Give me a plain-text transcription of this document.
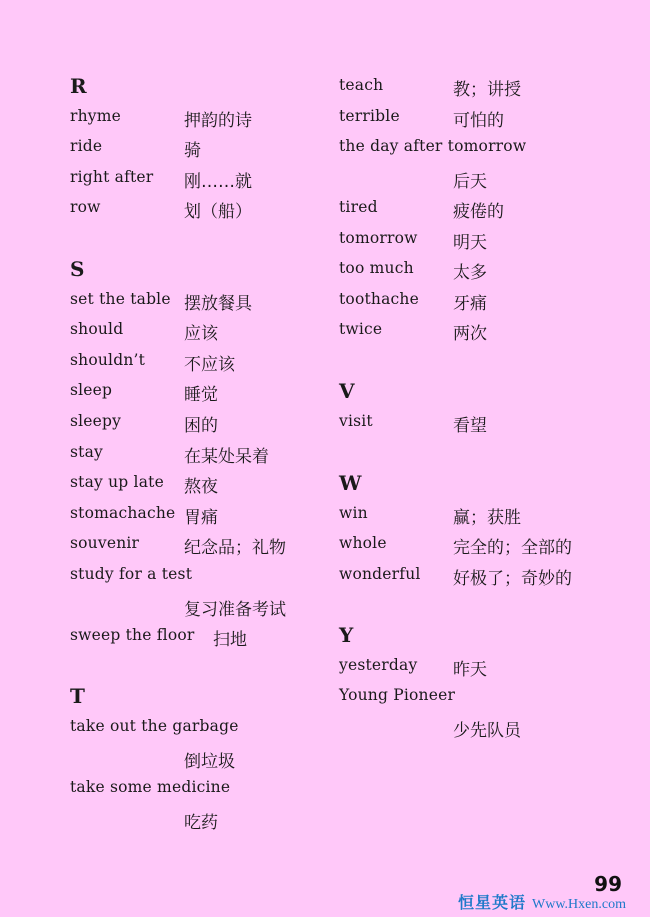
R
rhyme	押韵的诗
ride	骑
right after 刚……就
row	划（船）
S
set the table 摆放餐具
should	应该
shouldn’t 不应该
sleep	睡觉
sleepy	困的
stay	在某处呆着
stay up late 熬夜
stomachache 胃痛
souvenir	纪念品；礼物
study for a test
复习准备考试
sweep the floor 扫地
T
take out the garbage
倒垃圾
take some medicine
吃药
teach	教；讲授
terrible	可怕的
the day after tomorrow
后天
tired	疲倦的
tomorrow 明天
too much 太多
toothache 牙痛
twice	两次
V
visit	看望
W
win	赢；获胜
whole	完全的；全部的
wonderful 好极了；奇妙的
Y
yesterday 昨天
Young Pioneer
少先队员
99
恒星英语 Www.Hxen.com
